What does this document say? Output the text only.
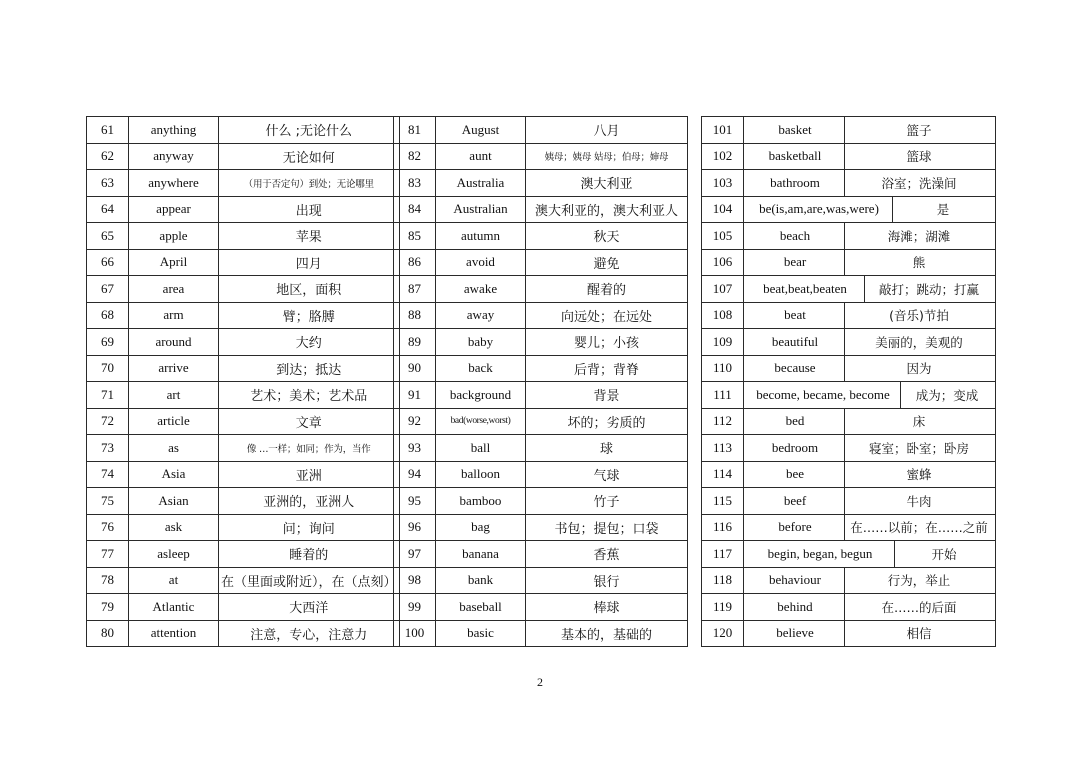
61	anything	什么 ;无论什么
62	anyway	无论如何
63	anywhere	（用于否定句）到处；无论哪里
64	appear	出现
65	apple	苹果
66	April	四月
67	area	地区，面积
68	arm	臂；胳膊
69	around	大约
70	arrive	到达；抵达
71	art	艺术；美术；艺术品
72	article	文章
73	as	像 …一样；如同；作为，当作
74	Asia	亚洲
75	Asian	亚洲的，亚洲人
76	ask	问；询问
77	asleep	睡着的
78	at	在（里面或附近），在（点刻）
79	Atlantic	大西洋
80	attention	注意，专心，注意力
81	August	八月
82	aunt	姨母；姨母 姑母；伯母；婶母
83	Australia	澳大利亚
84	Australian	澳大利亚的，澳大利亚人
85	autumn	秋天
86	avoid	避免
87	awake	醒着的
88	away	向远处；在远处
89	baby	婴儿；小孩
90	back	后背；背脊
91	background	背景
92	bad(worse,worst)	坏的；劣质的
93	ball	球
94	balloon	气球
95	bamboo	竹子
96	bag	书包；提包；口袋
97	banana	香蕉
98	bank	银行
99	baseball	棒球
100	basic	基本的，基础的
101	basket 篮子

102	basketball 篮球

103	bathroom 浴室；洗澡间

104	be(is,am,are,was,were) 是

105	beach 海滩；湖滩

106	bear 熊

107	beat,beat,beaten 敲打；跳动；打赢

108	beat (音乐)节拍

109	beautiful 美丽的，美观的

110	because 因为

111	become, became, become 成为；变成

112	bed 床

113	bedroom 寝室；卧室；卧房

114	bee 蜜蜂

115	beef 牛肉

116	before 在……以前；在……之前

117	begin, began, begun 开始

118	behaviour 行为，举止

119	behind 在……的后面

120	believe 相信
2
